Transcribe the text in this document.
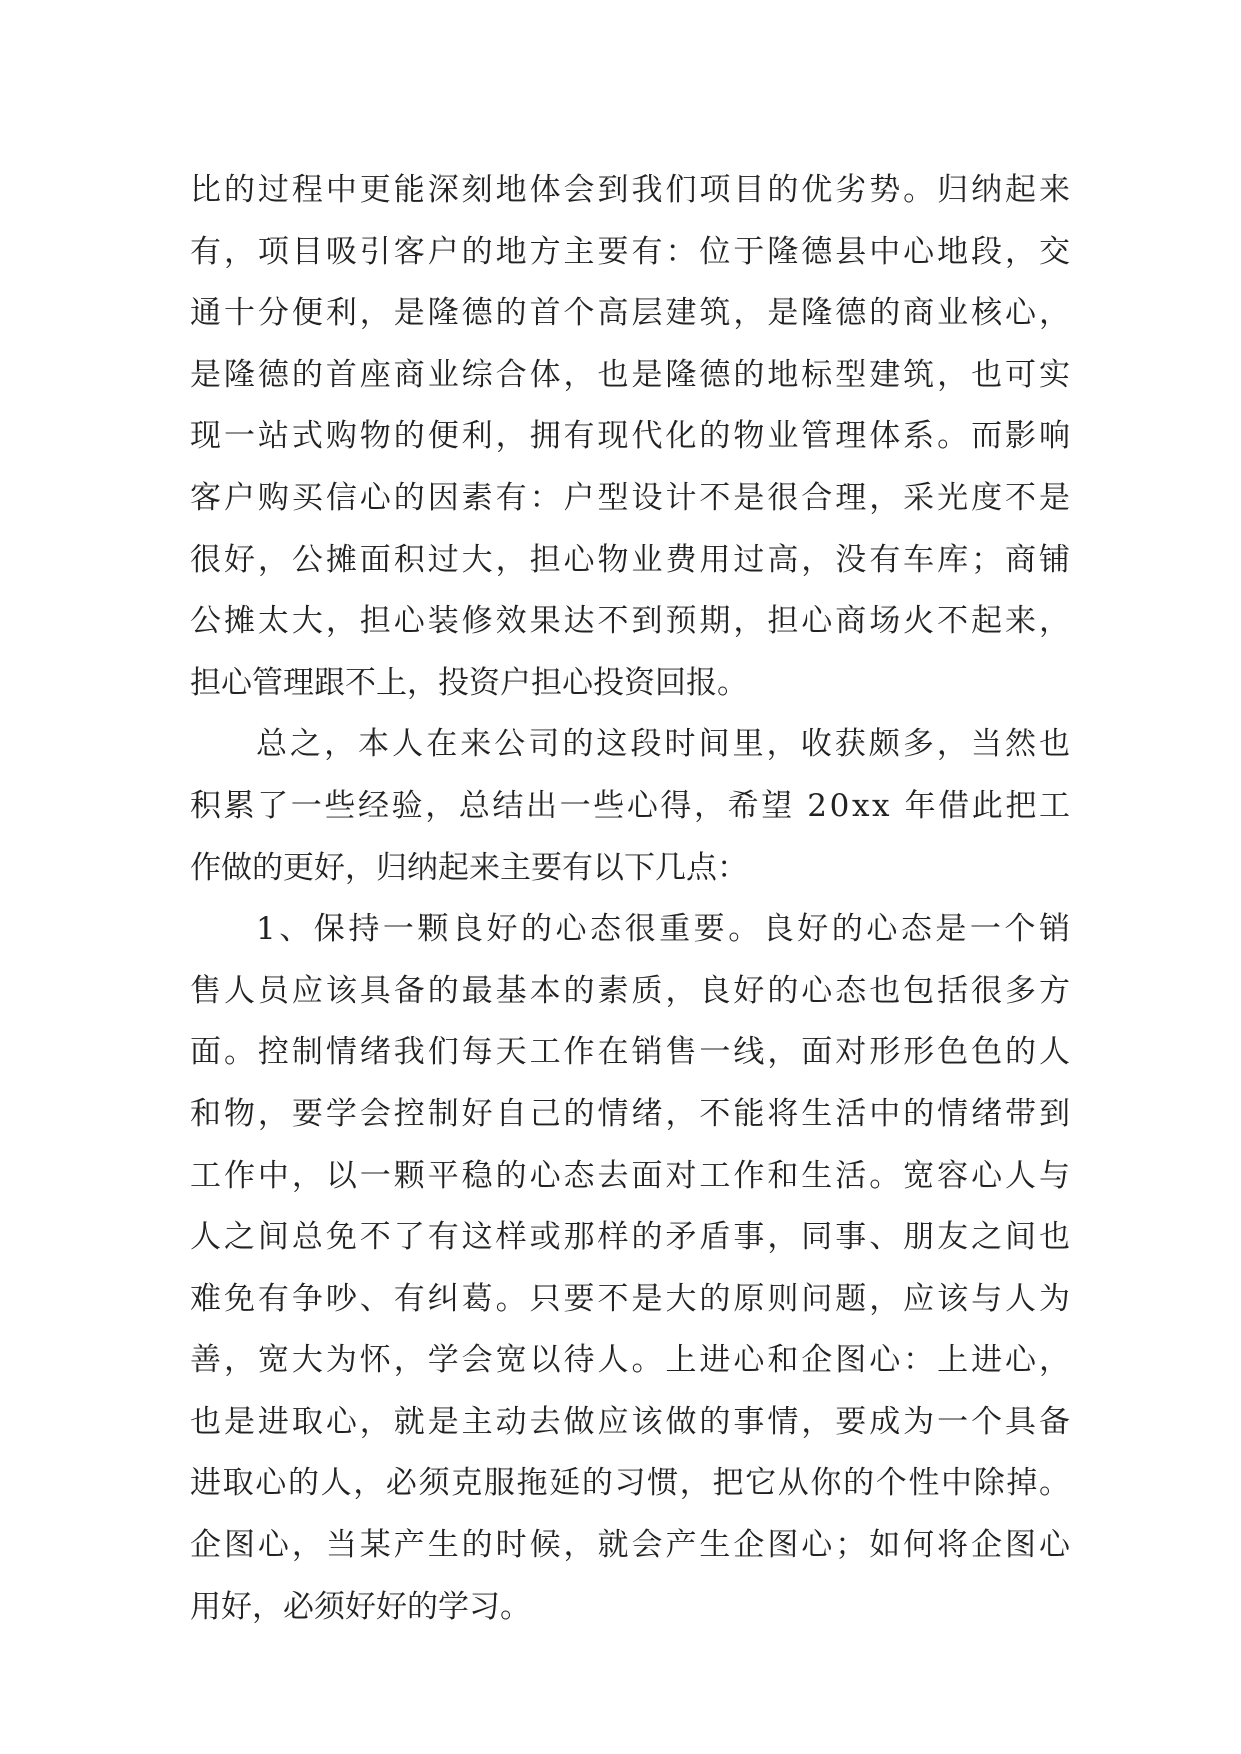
比的过程中更能深刻地体会到我们项目的优劣势。归纳起来
有，项目吸引客户的地方主要有：位于隆德县中心地段，交
通十分便利，是隆德的首个高层建筑，是隆德的商业核心，
是隆德的首座商业综合体，也是隆德的地标型建筑，也可实
现一站式购物的便利，拥有现代化的物业管理体系。而影响
客户购买信心的因素有：户型设计不是很合理，采光度不是
很好，公摊面积过大，担心物业费用过高，没有车库；商铺
公摊太大，担心装修效果达不到预期，担心商场火不起来，
担心管理跟不上，投资户担心投资回报。
总之，本人在来公司的这段时间里，收获颇多，当然也
积累了一些经验，总结出一些心得，希望 20xx 年借此把工
作做的更好，归纳起来主要有以下几点：
1、保持一颗良好的心态很重要。良好的心态是一个销
售人员应该具备的最基本的素质，良好的心态也包括很多方
面。控制情绪我们每天工作在销售一线，面对形形色色的人
和物，要学会控制好自己的情绪，不能将生活中的情绪带到
工作中，以一颗平稳的心态去面对工作和生活。宽容心人与
人之间总免不了有这样或那样的矛盾事，同事、朋友之间也
难免有争吵、有纠葛。只要不是大的原则问题，应该与人为
善，宽大为怀，学会宽以待人。上进心和企图心：上进心，
也是进取心，就是主动去做应该做的事情，要成为一个具备
进取心的人，必须克服拖延的习惯，把它从你的个性中除掉。
企图心，当某产生的时候，就会产生企图心；如何将企图心
用好，必须好好的学习。
